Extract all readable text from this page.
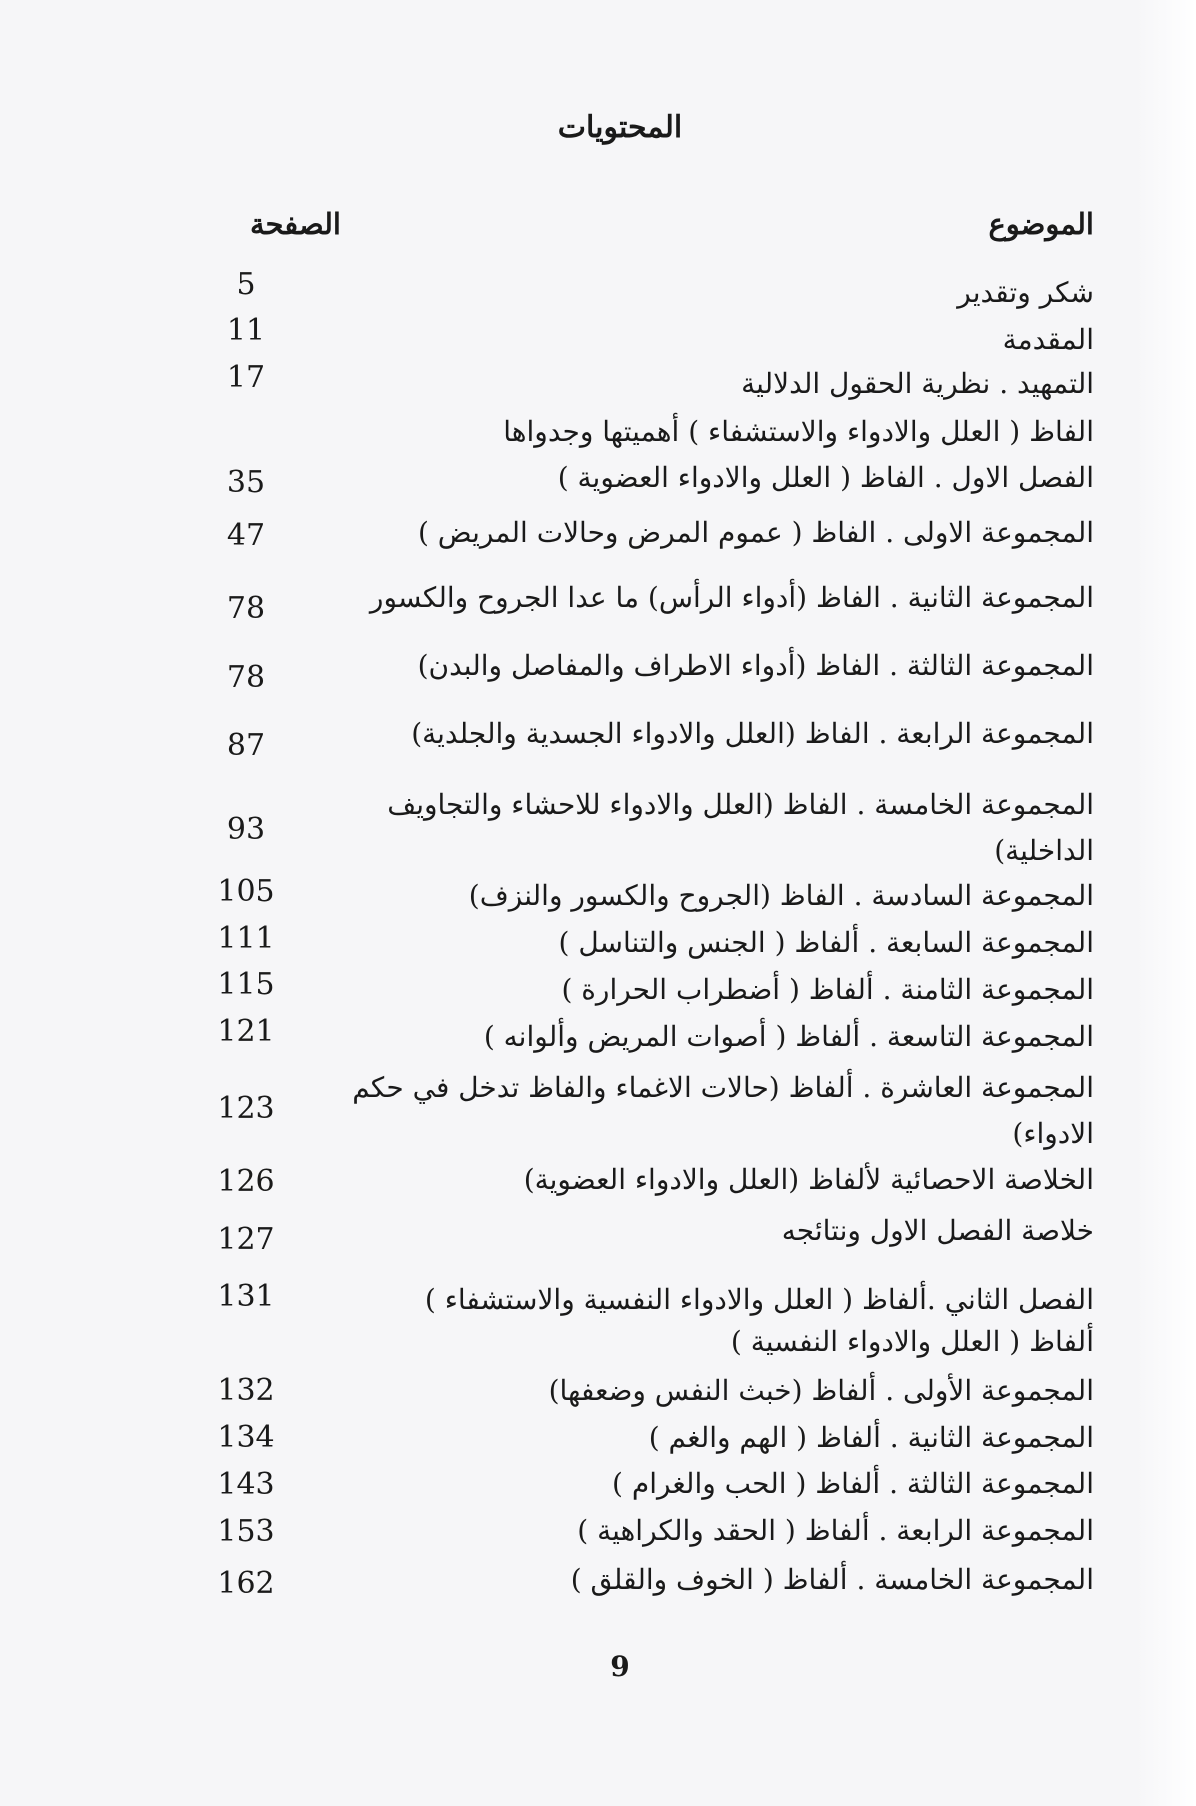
المحتويات
الموضوع
الصفحة
شكر وتقدير
5
المقدمة
11
التمهيد . نظرية الحقول الدلالية
17
الفاظ ( العلل والادواء والاستشفاء ) أهميتها وجدواها
الفصل الاول . الفاظ ( العلل والادواء العضوية )
35
المجموعة الاولى . الفاظ ( عموم المرض وحالات المريض )
47
المجموعة الثانية . الفاظ (أدواء الرأس) ما عدا الجروح والكسور
78
المجموعة الثالثة . الفاظ (أدواء الاطراف والمفاصل والبدن)
78
المجموعة الرابعة . الفاظ (العلل والادواء الجسدية والجلدية)
87
المجموعة الخامسة . الفاظ (العلل والادواء للاحشاء والتجاويف الداخلية)
93
المجموعة السادسة . الفاظ (الجروح والكسور والنزف)
105
المجموعة السابعة . ألفاظ ( الجنس والتناسل )
111
المجموعة الثامنة . ألفاظ ( أضطراب الحرارة )
115
المجموعة التاسعة . ألفاظ ( أصوات المريض وألوانه )
121
المجموعة العاشرة . ألفاظ (حالات الاغماء والفاظ تدخل في حكم الادواء)
123
الخلاصة الاحصائية لألفاظ (العلل والادواء العضوية)
126
خلاصة الفصل الاول ونتائجه
127
الفصل الثاني .ألفاظ ( العلل والادواء النفسية والاستشفاء )
131
ألفاظ ( العلل والادواء النفسية )
المجموعة الأولى . ألفاظ (خبث النفس وضعفها)
132
المجموعة الثانية . ألفاظ ( الهم والغم )
134
المجموعة الثالثة . ألفاظ ( الحب والغرام )
143
المجموعة الرابعة . ألفاظ ( الحقد والكراهية )
153
المجموعة الخامسة . ألفاظ ( الخوف والقلق )
162
9
